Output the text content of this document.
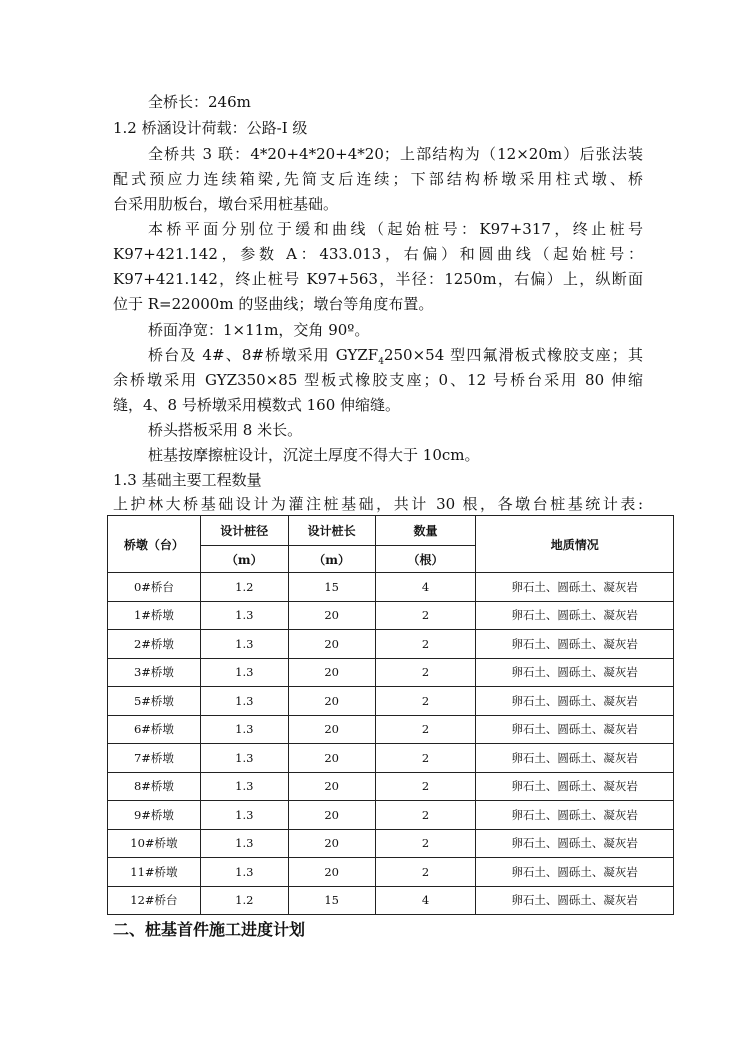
全桥长：246m
1.2 桥涵设计荷载：公路-I 级
全桥共 3 联：4*20+4*20+4*20；上部结构为（12×20m）后张法装
配式预应力连续箱梁,先简支后连续；下部结构桥墩采用柱式墩、桥
台采用肋板台，墩台采用桩基础。
本桥平面分别位于缓和曲线（起始桩号：K97+317，终止桩号
K97+421.142，参数 A：433.013，右偏）和圆曲线（起始桩号：
K97+421.142，终止桩号 K97+563，半径：1250m，右偏）上，纵断面
位于 R=22000m 的竖曲线；墩台等角度布置。
桥面净宽：1×11m，交角 90º。
桥台及 4#、8#桥墩采用 $GYZF_4250\times 54$ 型四氟滑板式橡胶支座；其
余桥墩采用 GYZ350×85 型板式橡胶支座；0、12 号桥台采用 80 伸缩
缝，4、8 号桥墩采用模数式 160 伸缩缝。
桥头搭板采用 8 米长。
桩基按摩擦桩设计，沉淀土厚度不得大于 10cm。
1.3 基础主要工程数量
上护林大桥基础设计为灌注桩基础，共计 30 根，各墩台桩基统计表:
桥墩（台）	设计桩径	设计桩长	数量	地质情况
	（m）	（m）	（根）	
0#桥台	1.2	15	4	卵石土、圆砾土、凝灰岩
1#桥墩	1.3	20	2	卵石土、圆砾土、凝灰岩
2#桥墩	1.3	20	2	卵石土、圆砾土、凝灰岩
3#桥墩	1.3	20	2	卵石土、圆砾土、凝灰岩
5#桥墩	1.3	20	2	卵石土、圆砾土、凝灰岩
6#桥墩	1.3	20	2	卵石土、圆砾土、凝灰岩
7#桥墩	1.3	20	2	卵石土、圆砾土、凝灰岩
8#桥墩	1.3	20	2	卵石土、圆砾土、凝灰岩
9#桥墩	1.3	20	2	卵石土、圆砾土、凝灰岩
10#桥墩	1.3	20	2	卵石土、圆砾土、凝灰岩
11#桥墩	1.3	20	2	卵石土、圆砾土、凝灰岩
12#桥台	1.2	15	4	卵石土、圆砾土、凝灰岩
二、桩基首件施工进度计划
